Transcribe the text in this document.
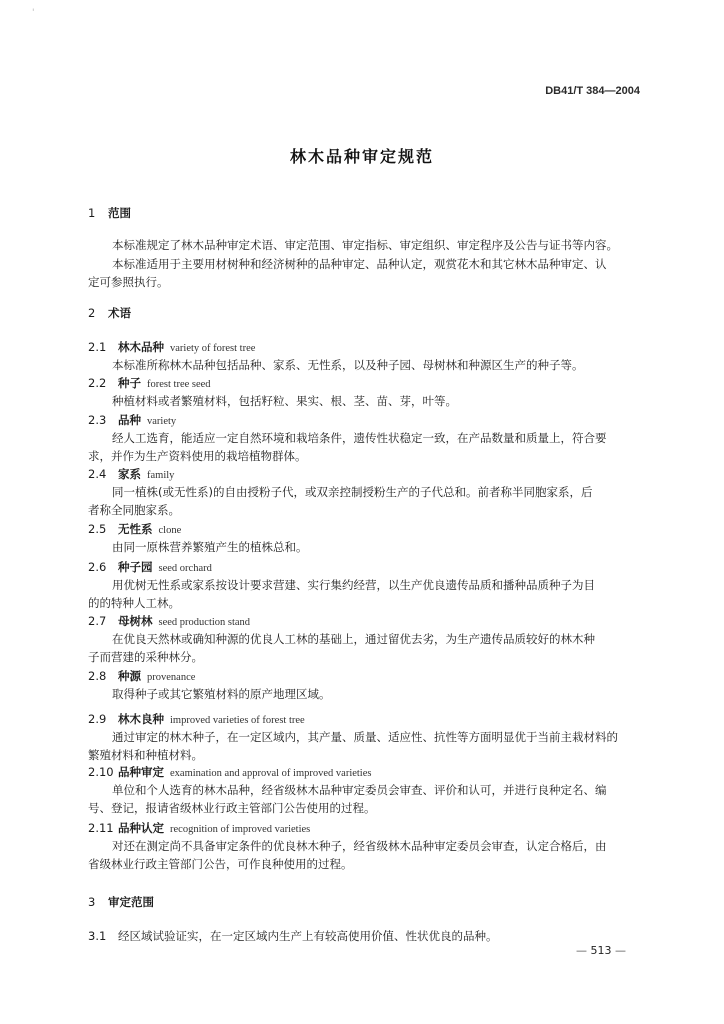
'
DB41/T 384—2004
林木品种审定规范
1 范围
本标准规定了林木品种审定术语、审定范围、审定指标、审定组织、审定程序及公告与证书等内容。
本标准适用于主要用材树种和经济树种的品种审定、品种认定，观赏花木和其它林木品种审定、认
定可参照执行。
2 术语
2.1 林木品种 variety of forest tree
本标准所称林木品种包括品种、家系、无性系，以及种子园、母树林和种源区生产的种子等。
2.2 种子 forest tree seed
种植材料或者繁殖材料，包括籽粒、果实、根、茎、苗、芽，叶等。
2.3 品种 variety
经人工选育，能适应一定自然环境和栽培条件，遗传性状稳定一致，在产品数量和质量上，符合要
求，并作为生产资料使用的栽培植物群体。
2.4 家系 family
同一植株(或无性系)的自由授粉子代，或双亲控制授粉生产的子代总和。前者称半同胞家系，后
者称全同胞家系。
2.5 无性系 clone
由同一原株营养繁殖产生的植株总和。
2.6 种子园 seed orchard
用优树无性系或家系按设计要求营建、实行集约经营，以生产优良遗传品质和播种品质种子为目
的的特种人工林。
2.7 母树林 seed production stand
在优良天然林或确知种源的优良人工林的基础上，通过留优去劣，为生产遗传品质较好的林木种
子而营建的采种林分。
2.8 种源 provenance
取得种子或其它繁殖材料的原产地理区域。
2.9 林木良种 improved varieties of forest tree
通过审定的林木种子，在一定区域内，其产量、质量、适应性、抗性等方面明显优于当前主栽材料的
繁殖材料和种植材料。
2.10 品种审定 examination and approval of improved varieties
单位和个人选育的林木品种，经省级林木品种审定委员会审查、评价和认可，并进行良种定名、编
号、登记，报请省级林业行政主管部门公告使用的过程。
2.11 品种认定 recognition of improved varieties
对还在测定尚不具备审定条件的优良林木种子，经省级林木品种审定委员会审查，认定合格后，由
省级林业行政主管部门公告，可作良种使用的过程。
3 审定范围
3.1 经区域试验证实，在一定区域内生产上有较高使用价值、性状优良的品种。
— 513 —
